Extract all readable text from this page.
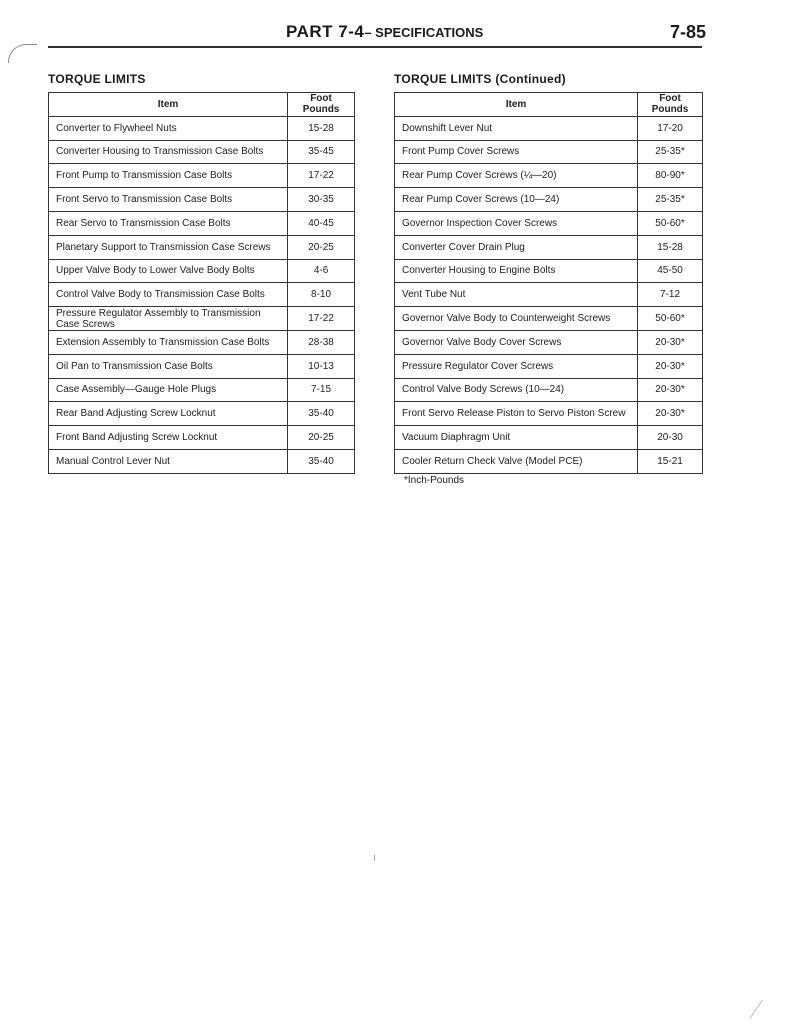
PART 7-4– SPECIFICATIONS	7-85
TORQUE LIMITS	TORQUE LIMITS (Continued)
Item	Foot Pounds
Converter to Flywheel Nuts	15-28
Converter Housing to Transmission Case Bolts	35-45
Front Pump to Transmission Case Bolts	17-22
Front Servo to Transmission Case Bolts	30-35
Rear Servo to Transmission Case Bolts	40-45
Planetary Support to Transmission Case Screws	20-25
Upper Valve Body to Lower Valve Body Bolts	4-6
Control Valve Body to Transmission Case Bolts	8-10
Pressure Regulator Assembly to Transmission Case Screws	17-22
Extension Assembly to Transmission Case Bolts	28-38
Oil Pan to Transmission Case Bolts	10-13
Case Assembly—Gauge Hole Plugs	7-15
Rear Band Adjusting Screw Locknut	35-40
Front Band Adjusting Screw Locknut	20-25
Manual Control Lever Nut	35-40
Item	Foot Pounds
Downshift Lever Nut	17-20
Front Pump Cover Screws	25-35*
Rear Pump Cover Screws (¼—20)	80-90*
Rear Pump Cover Screws (10—24)	25-35*
Governor Inspection Cover Screws	50-60*
Converter Cover Drain Plug	15-28
Converter Housing to Engine Bolts	45-50
Vent Tube Nut	7-12
Governor Valve Body to Counterweight Screws	50-60*
Governor Valve Body Cover Screws	20-30*
Pressure Regulator Cover Screws	20-30*
Control Valve Body Screws (10—24)	20-30*
Front Servo Release Piston to Servo Piston Screw	20-30*
Vacuum Diaphragm Unit	20-30
Cooler Return Check Valve (Model PCE)	15-21
*Inch-Pounds
